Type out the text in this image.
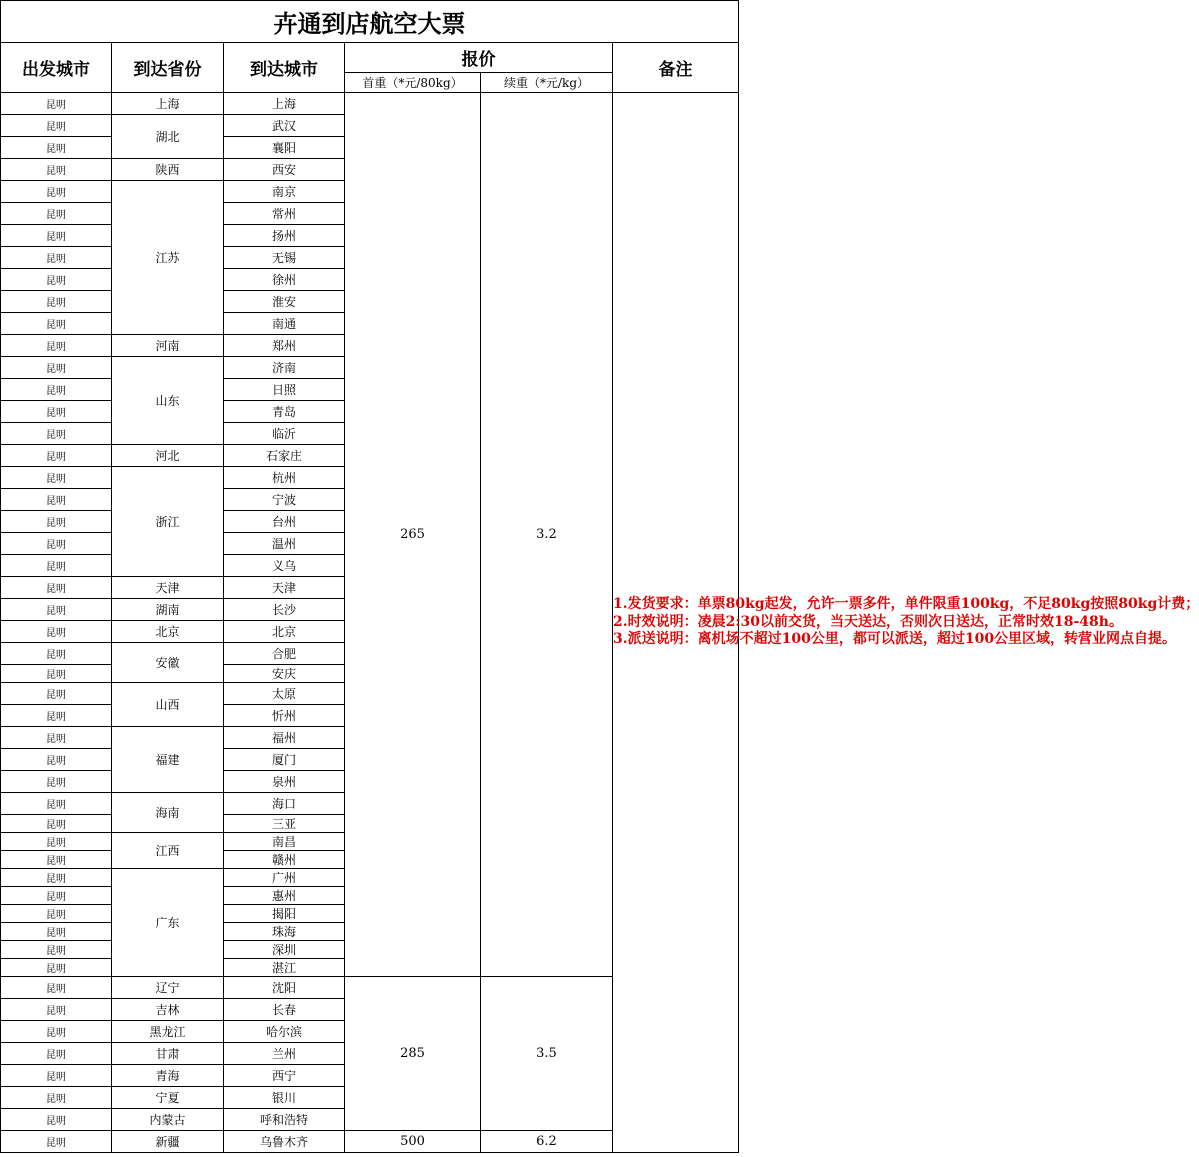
卉通到店航空大票					
出发城市	到达省份	到达城市	报价		备注
			首重（*元/80kg）	续重（*元/kg）	
昆明	上海	上海	265	3.2	1.发货要求：单票80kg起发，允许一票多件，单件限重100kg，不足80kg按照80kg计费；
2.时效说明：凌晨2:30以前交货，当天送达，否则次日送达，正常时效18-48h。
3.派送说明：离机场不超过100公里，都可以派送，超过100公里区域，转营业网点自提。

昆明	湖北	武汉			
昆明		襄阳			
昆明	陕西	西安			
昆明	江苏	南京			
昆明		常州			
昆明		扬州			
昆明		无锡			
昆明		徐州			
昆明		淮安			
昆明		南通			
昆明	河南	郑州			
昆明	山东	济南			
昆明		日照			
昆明		青岛			
昆明		临沂			
昆明	河北	石家庄			
昆明	浙江	杭州			
昆明		宁波			
昆明		台州			
昆明		温州			
昆明		义乌			
昆明	天津	天津			
昆明	湖南	长沙			
昆明	北京	北京			
昆明	安徽	合肥			
昆明		安庆			
昆明	山西	太原			
昆明		忻州			
昆明	福建	福州			
昆明		厦门			
昆明		泉州			
昆明	海南	海口			
昆明		三亚			
昆明	江西	南昌			
昆明		赣州			
昆明	广东	广州			
昆明		惠州			
昆明		揭阳			
昆明		珠海			
昆明		深圳			
昆明		湛江			
昆明	辽宁	沈阳	285	3.5	
昆明	吉林	长春			
昆明	黑龙江	哈尔滨			
昆明	甘肃	兰州			
昆明	青海	西宁			
昆明	宁夏	银川			
昆明	内蒙古	呼和浩特			
昆明	新疆	乌鲁木齐	500	6.2	
